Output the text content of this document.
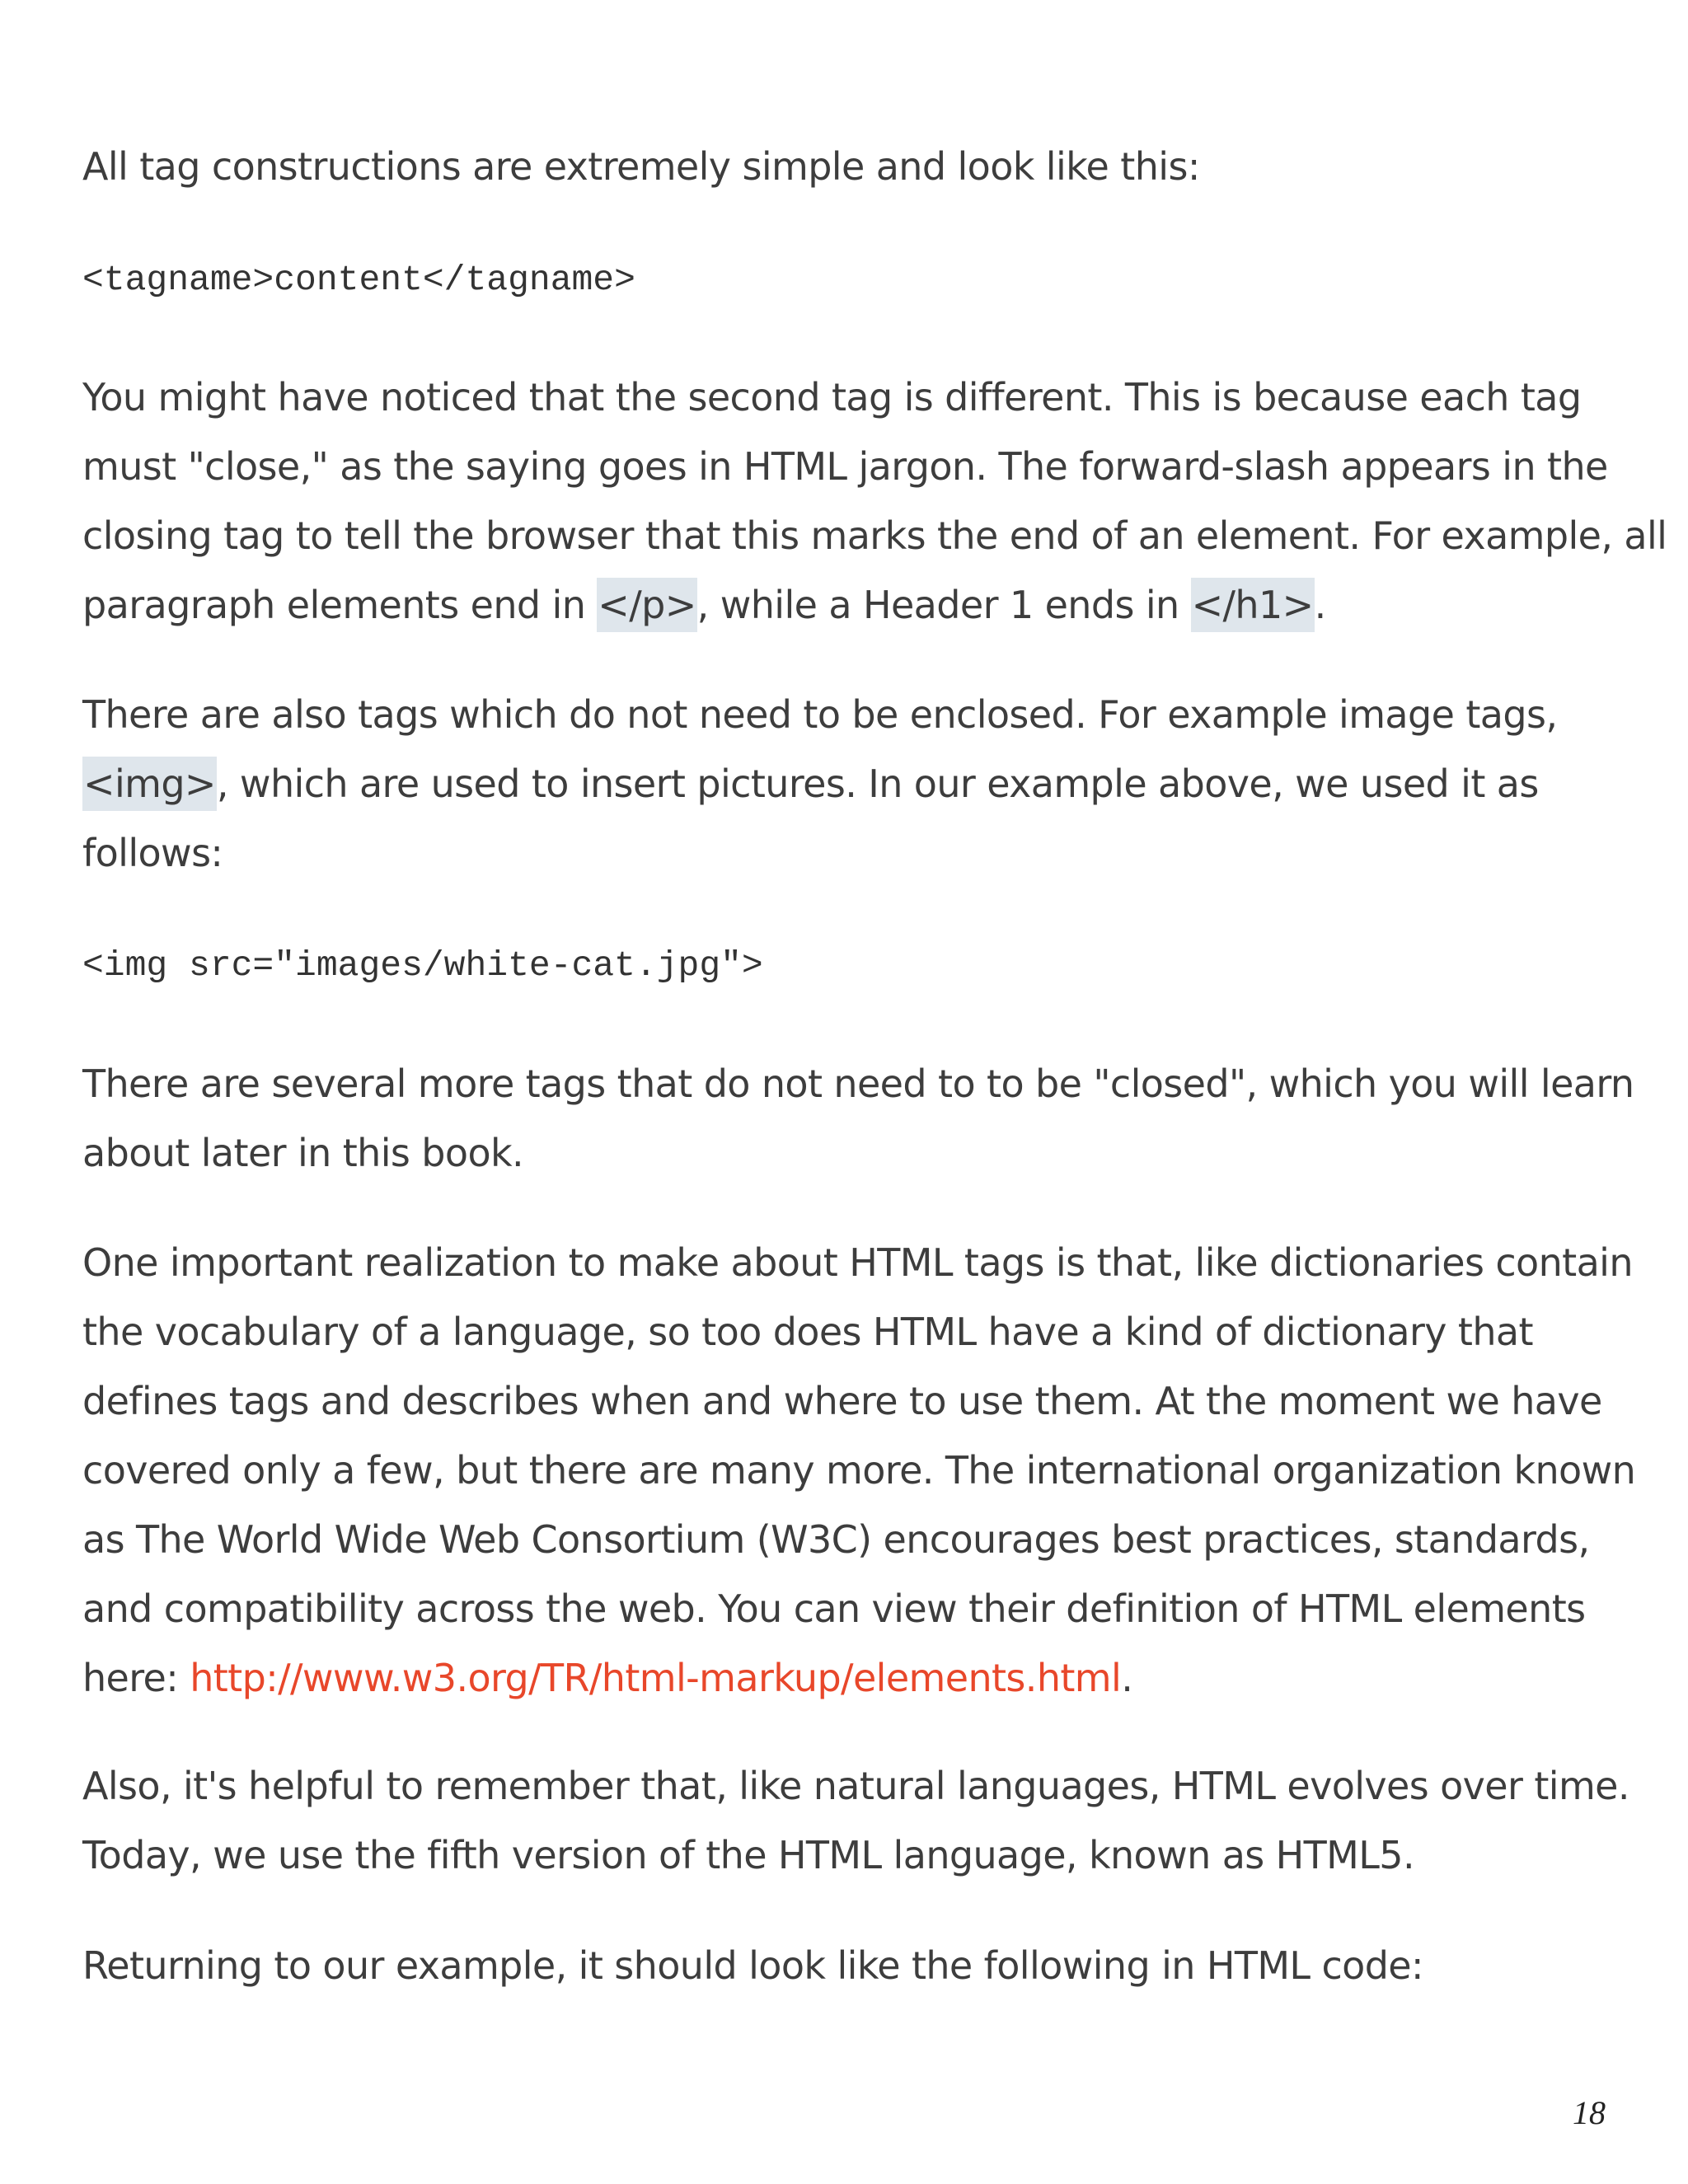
All tag constructions are extremely simple and look like this:

<tagname>content</tagname>

You might have noticed that the second tag is different. This is because each tag
must "close," as the saying goes in HTML jargon. The forward-slash appears in the
closing tag to tell the browser that this marks the end of an element. For example, all
paragraph elements end in </p>, while a Header 1 ends in </h1>.

There are also tags which do not need to be enclosed. For example image tags,
<img>, which are used to insert pictures. In our example above, we used it as
follows:

<img src="images/white-cat.jpg">

There are several more tags that do not need to to be "closed", which you will learn
about later in this book.

One important realization to make about HTML tags is that, like dictionaries contain
the vocabulary of a language, so too does HTML have a kind of dictionary that
defines tags and describes when and where to use them. At the moment we have
covered only a few, but there are many more. The international organization known
as The World Wide Web Consortium (W3C) encourages best practices, standards,
and compatibility across the web. You can view their definition of HTML elements
here: http://www.w3.org/TR/html-markup/elements.html.

Also, it's helpful to remember that, like natural languages, HTML evolves over time.
Today, we use the fifth version of the HTML language, known as HTML5.

Returning to our example, it should look like the following in HTML code:

18
